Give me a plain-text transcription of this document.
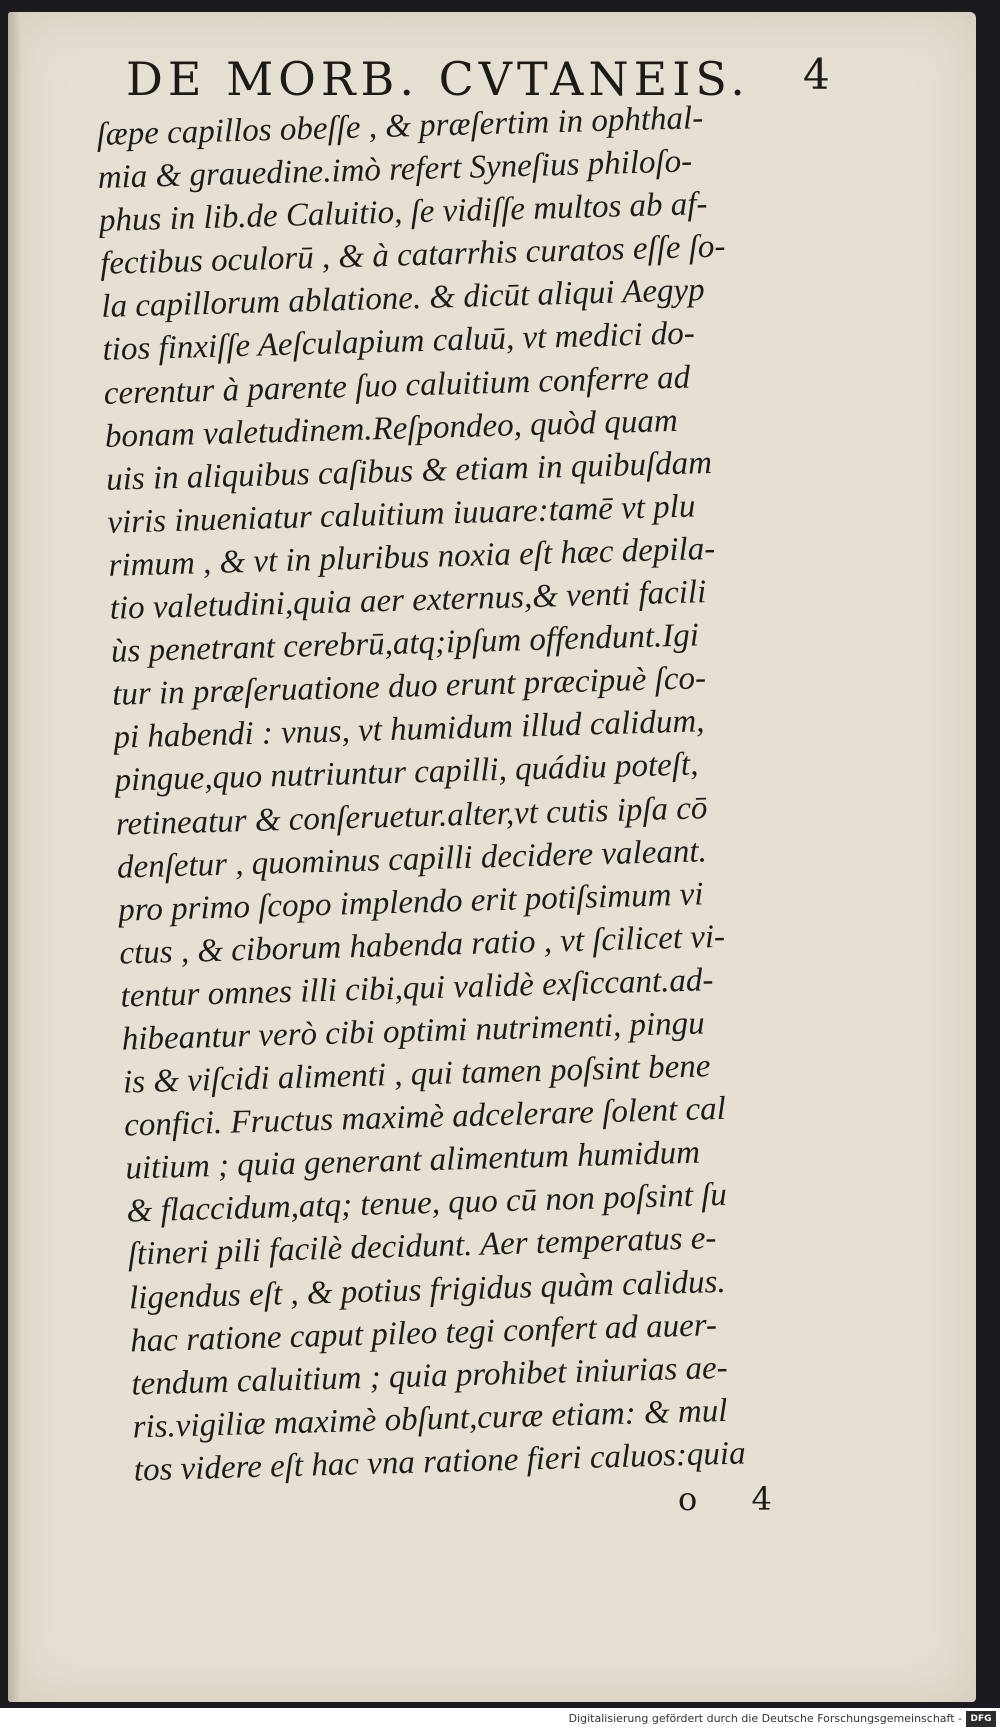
DE MORB. CVTANEIS.	4
ſæpe capillos obeſſe , & præſertim in ophthal-
mia & grauedine.imò refert Syneſius philoſo-
phus in lib.de Caluitio, ſe vidiſſe multos ab af-
fectibus oculorū , & à catarrhis curatos eſſe ſo-
la capillorum ablatione. & dicūt aliqui Aegyp
tios finxiſſe Aeſculapium caluū, vt medici do-
cerentur à parente ſuo caluitium conferre ad
bonam valetudinem.Reſpondeo, quòd quam
uis in aliquibus caſibus & etiam in quibuſdam
viris inueniatur caluitium iuuare:tamē vt plu
rimum , & vt in pluribus noxia eſt hæc depila-
tio valetudini,quia aer externus,& venti facili
ùs penetrant cerebrū,atq;ipſum offendunt.Igi
tur in præſeruatione duo erunt præcipuè ſco-
pi habendi : vnus, vt humidum illud calidum,
pingue,quo nutriuntur capilli, quádiu poteſt,
retineatur & conſeruetur.alter,vt cutis ipſa cō
denſetur , quominus capilli decidere valeant.
pro primo ſcopo implendo erit potiſsimum vi
ctus , & ciborum habenda ratio , vt ſcilicet vi-
tentur omnes illi cibi,qui validè exſiccant.ad-
hibeantur verò cibi optimi nutrimenti, pingu
is & viſcidi alimenti , qui tamen poſsint bene
confici. Fructus maximè adcelerare ſolent cal
uitium ; quia generant alimentum humidum
& flaccidum,atq; tenue, quo cū non poſsint ſu
ſtineri pili facilè decidunt. Aer temperatus e-
ligendus eſt , & potius frigidus quàm calidus.
hac ratione caput pileo tegi confert ad auer-
tendum caluitium ; quia prohibet iniurias ae-
ris.vigiliæ maximè obſunt,curæ etiam: & mul
tos videre eſt hac vna ratione fieri caluos:quia
o 4
Digitalisierung gefördert durch die Deutsche Forschungsgemeinschaft - DFG
